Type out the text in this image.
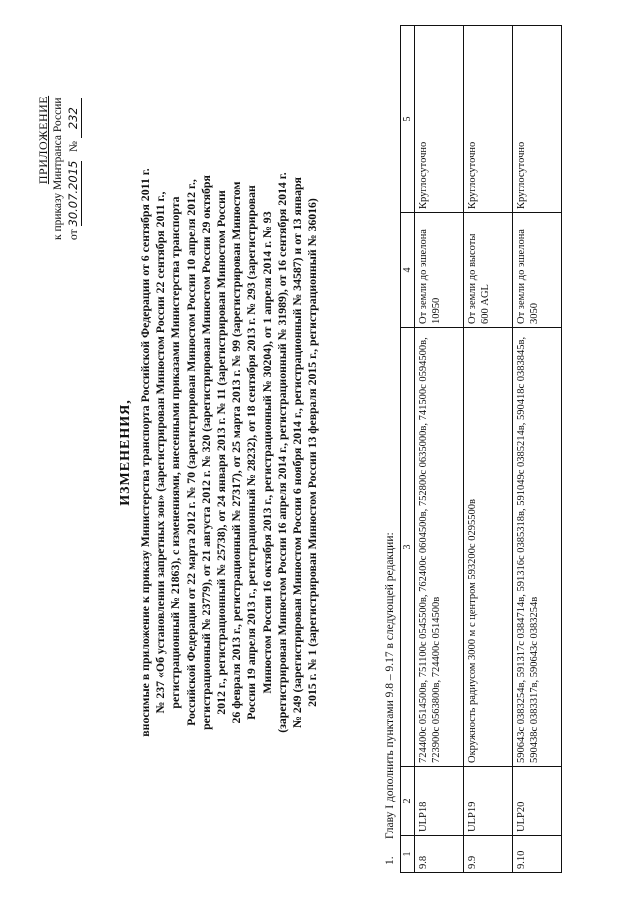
ПРИЛОЖЕНИЕ к приказу Минтранса России от 30.07.2015   № 232
ИЗМЕНЕНИЯ, вносимые в приложение к приказу Министерства транспорта Российской Федерации от 6 сентября 2011 г. № 237 «Об установлении запретных зон» (зарегистрирован Минюстом России 22 сентября 2011 г., регистрационный № 21863), с изменениями, внесенными приказами Министерства транспорта Российской Федерации от 22 марта 2012 г. № 70 (зарегистрирован Минюстом России 10 апреля 2012 г., регистрационный № 23779), от 21 августа 2012 г. № 320 (зарегистрирован Минюстом России 29 октября 2012 г., регистрационный № 25738), от 24 января 2013 г. № 11 (зарегистрирован Минюстом России 26 февраля 2013 г., регистрационный № 27317), от 25 марта 2013 г. № 99 (зарегистрирован Минюстом России 19 апреля 2013 г., регистрационный № 28232), от 18 сентября 2013 г. № 293 (зарегистрирован Минюстом России 16 октября 2013 г., регистрационный № 30204), от 1 апреля 2014 г. № 93 (зарегистрирован Минюстом России 16 апреля 2014 г., регистрационный № 31989), от 16 сентября 2014 г. № 249 (зарегистрирован Минюстом России 6 ноября 2014 г., регистрационный № 34587) и от 13 января 2015 г. № 1 (зарегистрирован Минюстом России 13 февраля 2015 г., регистрационный № 36016)
1.Главу I дополнить пунктами 9.8 – 9.17 в следующей редакции:
1	2	3	4	5
9.8	ULP18	724400с 0514500в, 751100с 0545500в, 762400с 0604500в, 752800с 0635000в, 741500с 0594500в, 723900с 0563800в, 724400с 0514500в	От земли до эшелона 10950	Круглосуточно
9.9	ULP19	Окружность радиусом 3000 м с центром 593200с 0295500в	От земли до высоты 600 AGL	Круглосуточно
9.10	ULP20	590643с 0383254в, 591317с 0384714в, 591316с 0385318в, 591049с 0385214в, 590418с 0383845в, 590438с 0383317в, 590643с 0383254в	От земли до эшелона 3050	Круглосуточно
